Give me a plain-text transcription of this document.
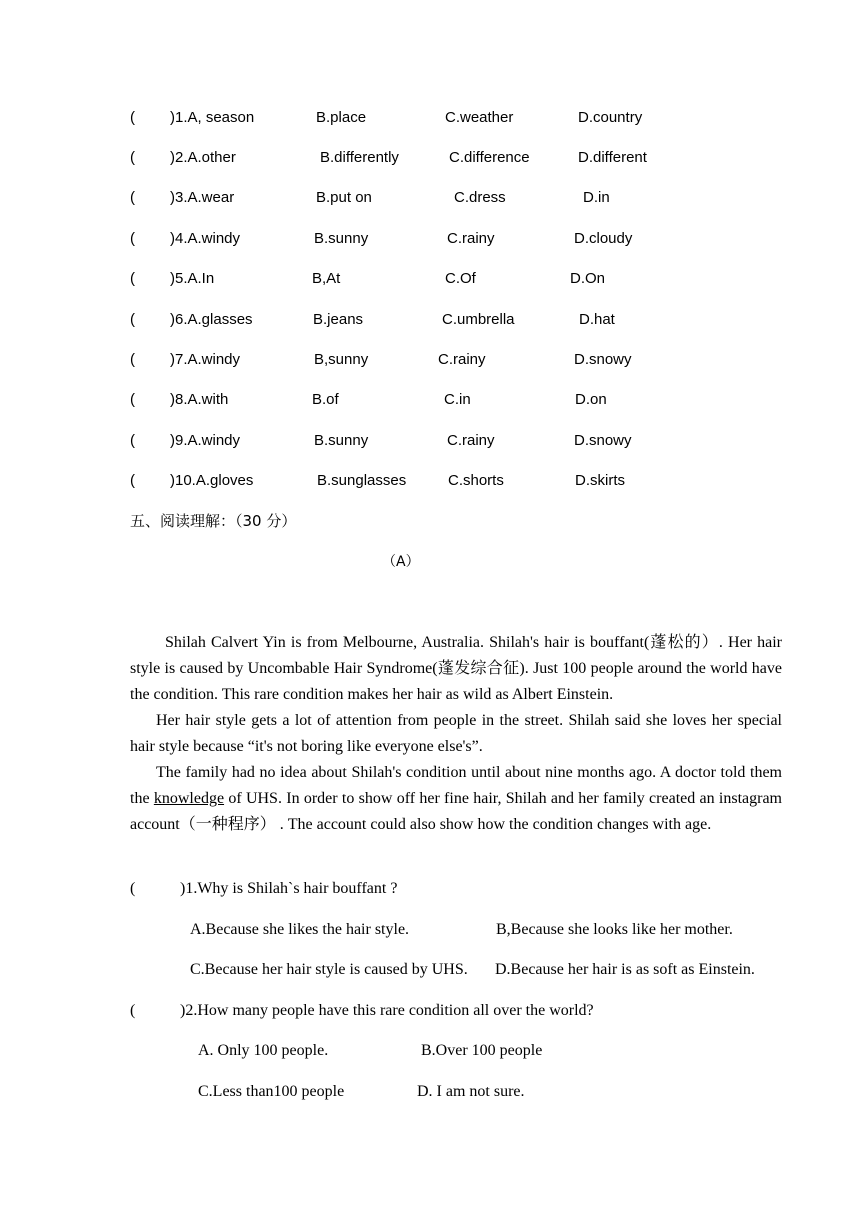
( )1.A, season	B.place	C.weather	D.country
( )2.A.other	B.differently	C.difference	D.different
( )3.A.wear	B.put on	C.dress	D.in
( )4.A.windy	B.sunny	C.rainy	D.cloudy
( )5.A.In	B,At	C.Of	D.On
( )6.A.glasses	B.jeans	C.umbrella	D.hat
( )7.A.windy	B,sunny	C.rainy	D.snowy
( )8.A.with	B.of	C.in	D.on
( )9.A.windy	B.sunny	C.rainy	D.snowy
( )10.A.gloves	B.sunglasses	C.shorts	D.skirts
五、阅读理解：（30 分）
（A）

Shilah Calvert Yin is from Melbourne, Australia. Shilah's hair is bouffant(蓬松的）. Her hair style is caused by Uncombable Hair Syndrome(蓬发综合征). Just 100 people around the world have the condition. This rare condition makes her hair as wild as Albert Einstein.

Her hair style gets a lot of attention from people in the street. Shilah said she loves her special hair style because “it's not boring like everyone else's”.

The family had no idea about Shilah's condition until about nine months ago. A doctor told them the knowledge of UHS. In order to show off her fine hair, Shilah and her family created an instagram account（一种程序） . The account could also show how the condition changes with age.

(	)1.Why is Shilah`s hair bouffant ?
A.Because she likes the hair style.	B,Because she looks like her mother.
C.Because her hair style is caused by UHS. D.Because her hair is as soft as Einstein.
(	)2.How many people have this rare condition all over the world?
A. Only 100 people.	B.Over 100 people
C.Less than100 people	D. I am not sure.
